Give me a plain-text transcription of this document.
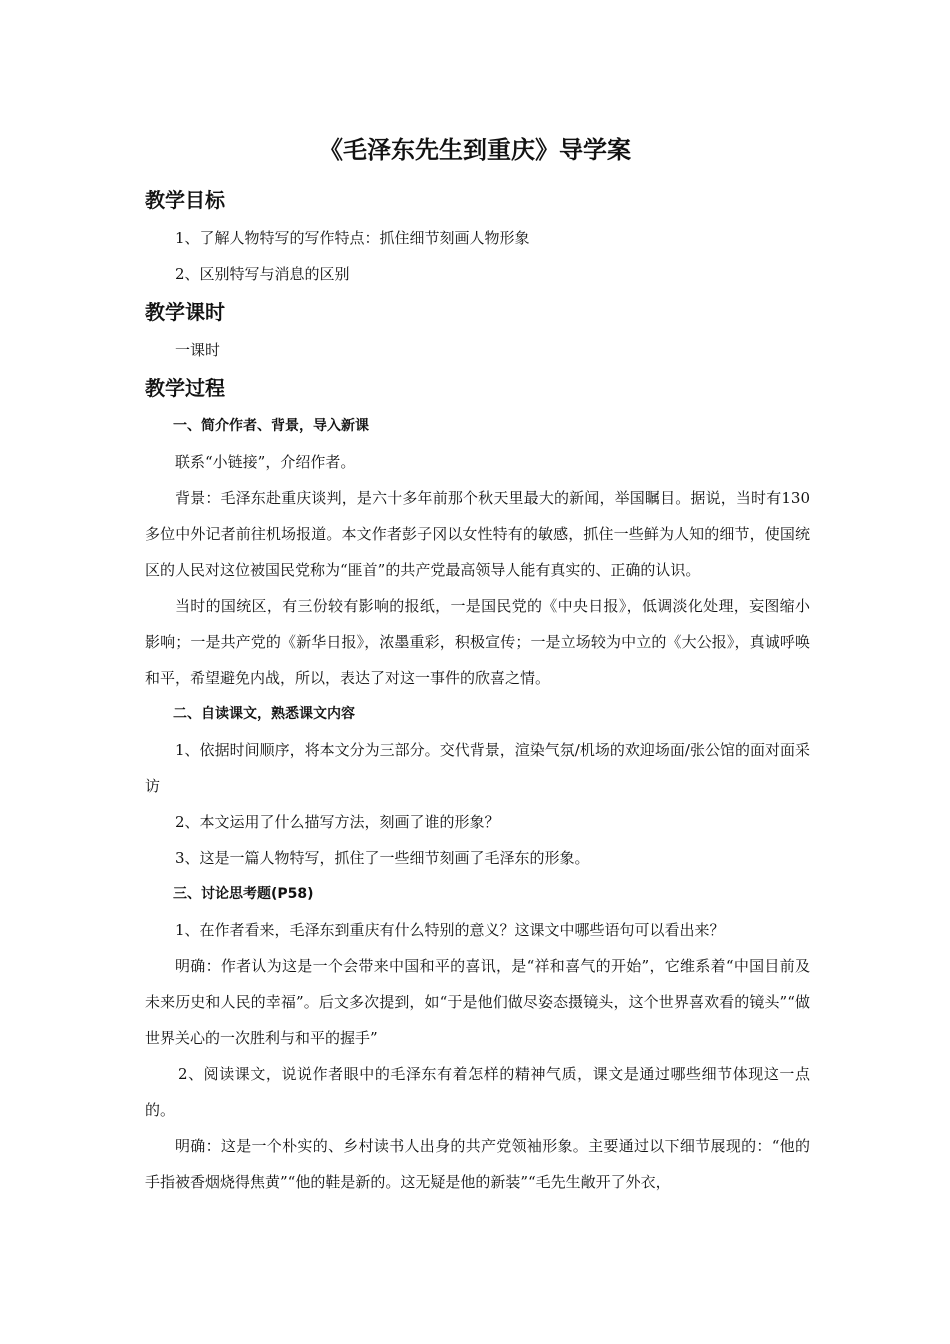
《毛泽东先生到重庆》导学案
教学目标

1、了解人物特写的写作特点：抓住细节刻画人物形象

2、区别特写与消息的区别

教学课时

一课时

教学过程
一、简介作者、背景，导入新课

联系“小链接”，介绍作者。

背景：毛泽东赴重庆谈判，是六十多年前那个秋天里最大的新闻，举国瞩目。据说，当时有130多位中外记者前往机场报道。本文作者彭子冈以女性特有的敏感，抓住一些鲜为人知的细节，使国统区的人民对这位被国民党称为“匪首”的共产党最高领导人能有真实的、正确的认识。

当时的国统区，有三份较有影响的报纸，一是国民党的《中央日报》，低调淡化处理，妄图缩小影响；一是共产党的《新华日报》，浓墨重彩，积极宣传；一是立场较为中立的《大公报》，真诚呼唤和平，希望避免内战，所以，表达了对这一事件的欣喜之情。

二、自读课文，熟悉课文内容

1、依据时间顺序，将本文分为三部分。交代背景，渲染气氛/机场的欢迎场面/张公馆的面对面采访

2、本文运用了什么描写方法，刻画了谁的形象？

3、这是一篇人物特写，抓住了一些细节刻画了毛泽东的形象。

三、讨论思考题(P58)

1、在作者看来，毛泽东到重庆有什么特别的意义？这课文中哪些语句可以看出来？

明确：作者认为这是一个会带来中国和平的喜讯，是“祥和喜气的开始”，它维系着“中国目前及未来历史和人民的幸福”。后文多次提到，如“于是他们做尽姿态摄镜头，这个世界喜欢看的镜头”“做世界关心的一次胜利与和平的握手”

2、阅读课文，说说作者眼中的毛泽东有着怎样的精神气质，课文是通过哪些细节体现这一点的。

明确：这是一个朴实的、乡村读书人出身的共产党领袖形象。主要通过以下细节展现的：“他的手指被香烟烧得焦黄”“他的鞋是新的。这无疑是他的新装”“毛先生敞开了外衣，
